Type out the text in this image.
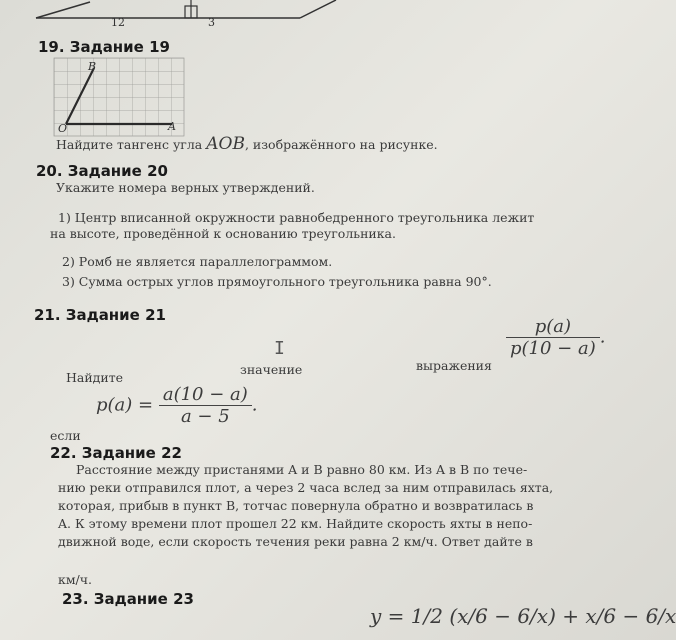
12	3
19. Задание 19
B
O	A
Найдите тангенс угла AOB, изображённого на рисунке.
20. Задание 20
Укажите номера верных утверждений.
1) Центр вписанной окружности равнобедренного треугольника лежит
на высоте, проведённой к основанию треугольника.
2) Ромб не является параллелограммом.
3) Сумма острых углов прямоугольного треугольника равна 90°.
21. Задание 21
I
Найдите
значение	выражения
$\frac{p(a)}{p(10 - a)}$ .
$p(a) = \frac{a(10 - a)}{a - 5}$ .
если
22. Задание 22
Расстояние между пристанями A и B равно 80 км. Из A в B по тече-
нию реки отправился плот, а через 2 часа вслед за ним отправилась яхта,
которая, прибыв в пункт B, тотчас повернула обратно и возвратилась в
A. К этому времени плот прошел 22 км. Найдите скорость яхты в непо-
движной воде, если скорость течения реки равна 2 км/ч. Ответ дайте в
км/ч.
23. Задание 23
y = 1/2 (x/6 − 6/x) + x/6 − 6/x
